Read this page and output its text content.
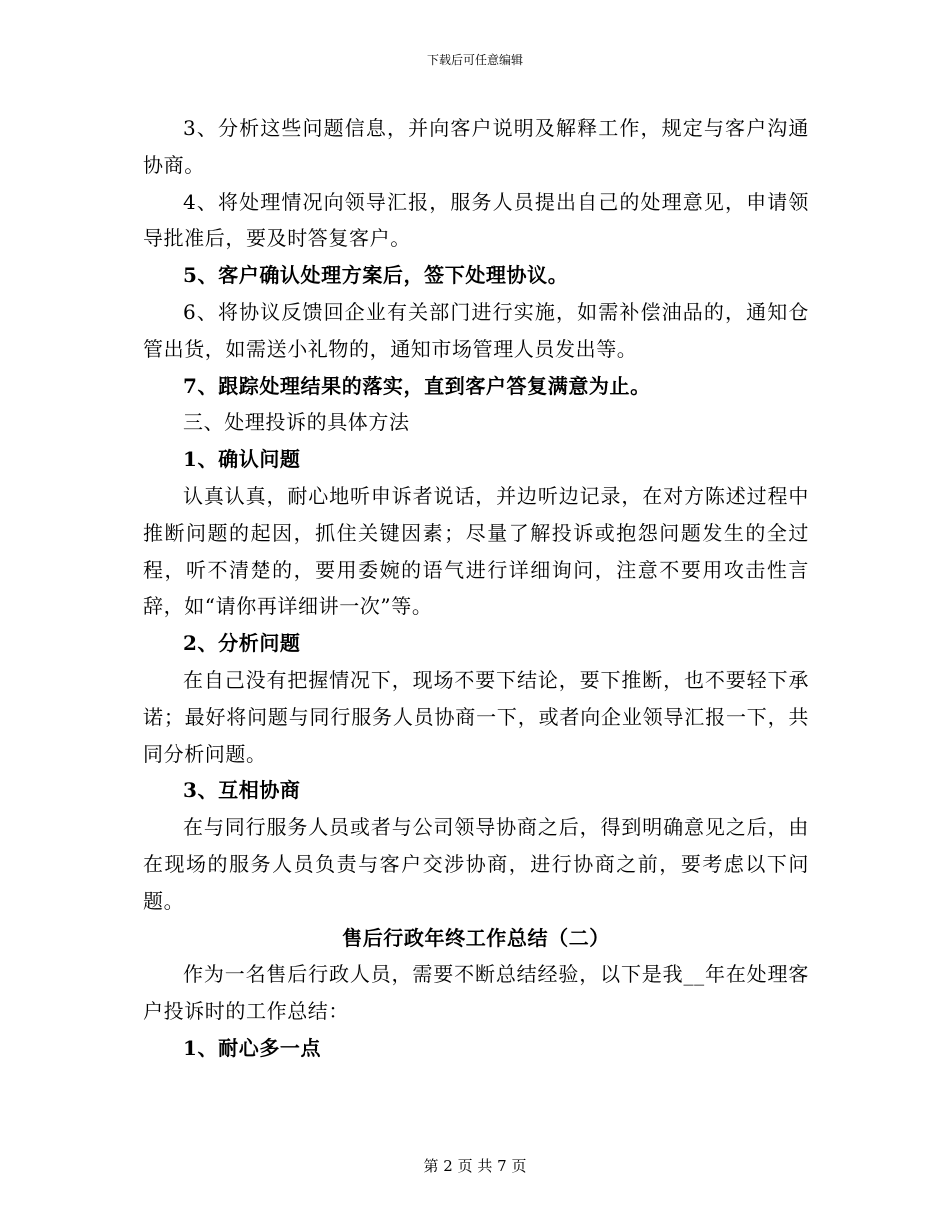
下载后可任意编辑

3、分析这些问题信息，并向客户说明及解释工作，规定与客户沟通协商。

4、将处理情况向领导汇报，服务人员提出自己的处理意见，申请领导批准后，要及时答复客户。

5、客户确认处理方案后，签下处理协议。

6、将协议反馈回企业有关部门进行实施，如需补偿油品的，通知仓管出货，如需送小礼物的，通知市场管理人员发出等。

7、跟踪处理结果的落实，直到客户答复满意为止。

三、处理投诉的具体方法

1、确认问题

认真认真，耐心地听申诉者说话，并边听边记录，在对方陈述过程中推断问题的起因，抓住关键因素；尽量了解投诉或抱怨问题发生的全过程，听不清楚的，要用委婉的语气进行详细询问，注意不要用攻击性言辞，如“请你再详细讲一次”等。

2、分析问题

在自己没有把握情况下，现场不要下结论，要下推断，也不要轻下承诺；最好将问题与同行服务人员协商一下，或者向企业领导汇报一下，共同分析问题。

3、互相协商

在与同行服务人员或者与公司领导协商之后，得到明确意见之后，由在现场的服务人员负责与客户交涉协商，进行协商之前，要考虑以下问题。

售后行政年终工作总结（二）

作为一名售后行政人员，需要不断总结经验，以下是我__年在处理客户投诉时的工作总结：

1、耐心多一点

第 2 页 共 7 页
